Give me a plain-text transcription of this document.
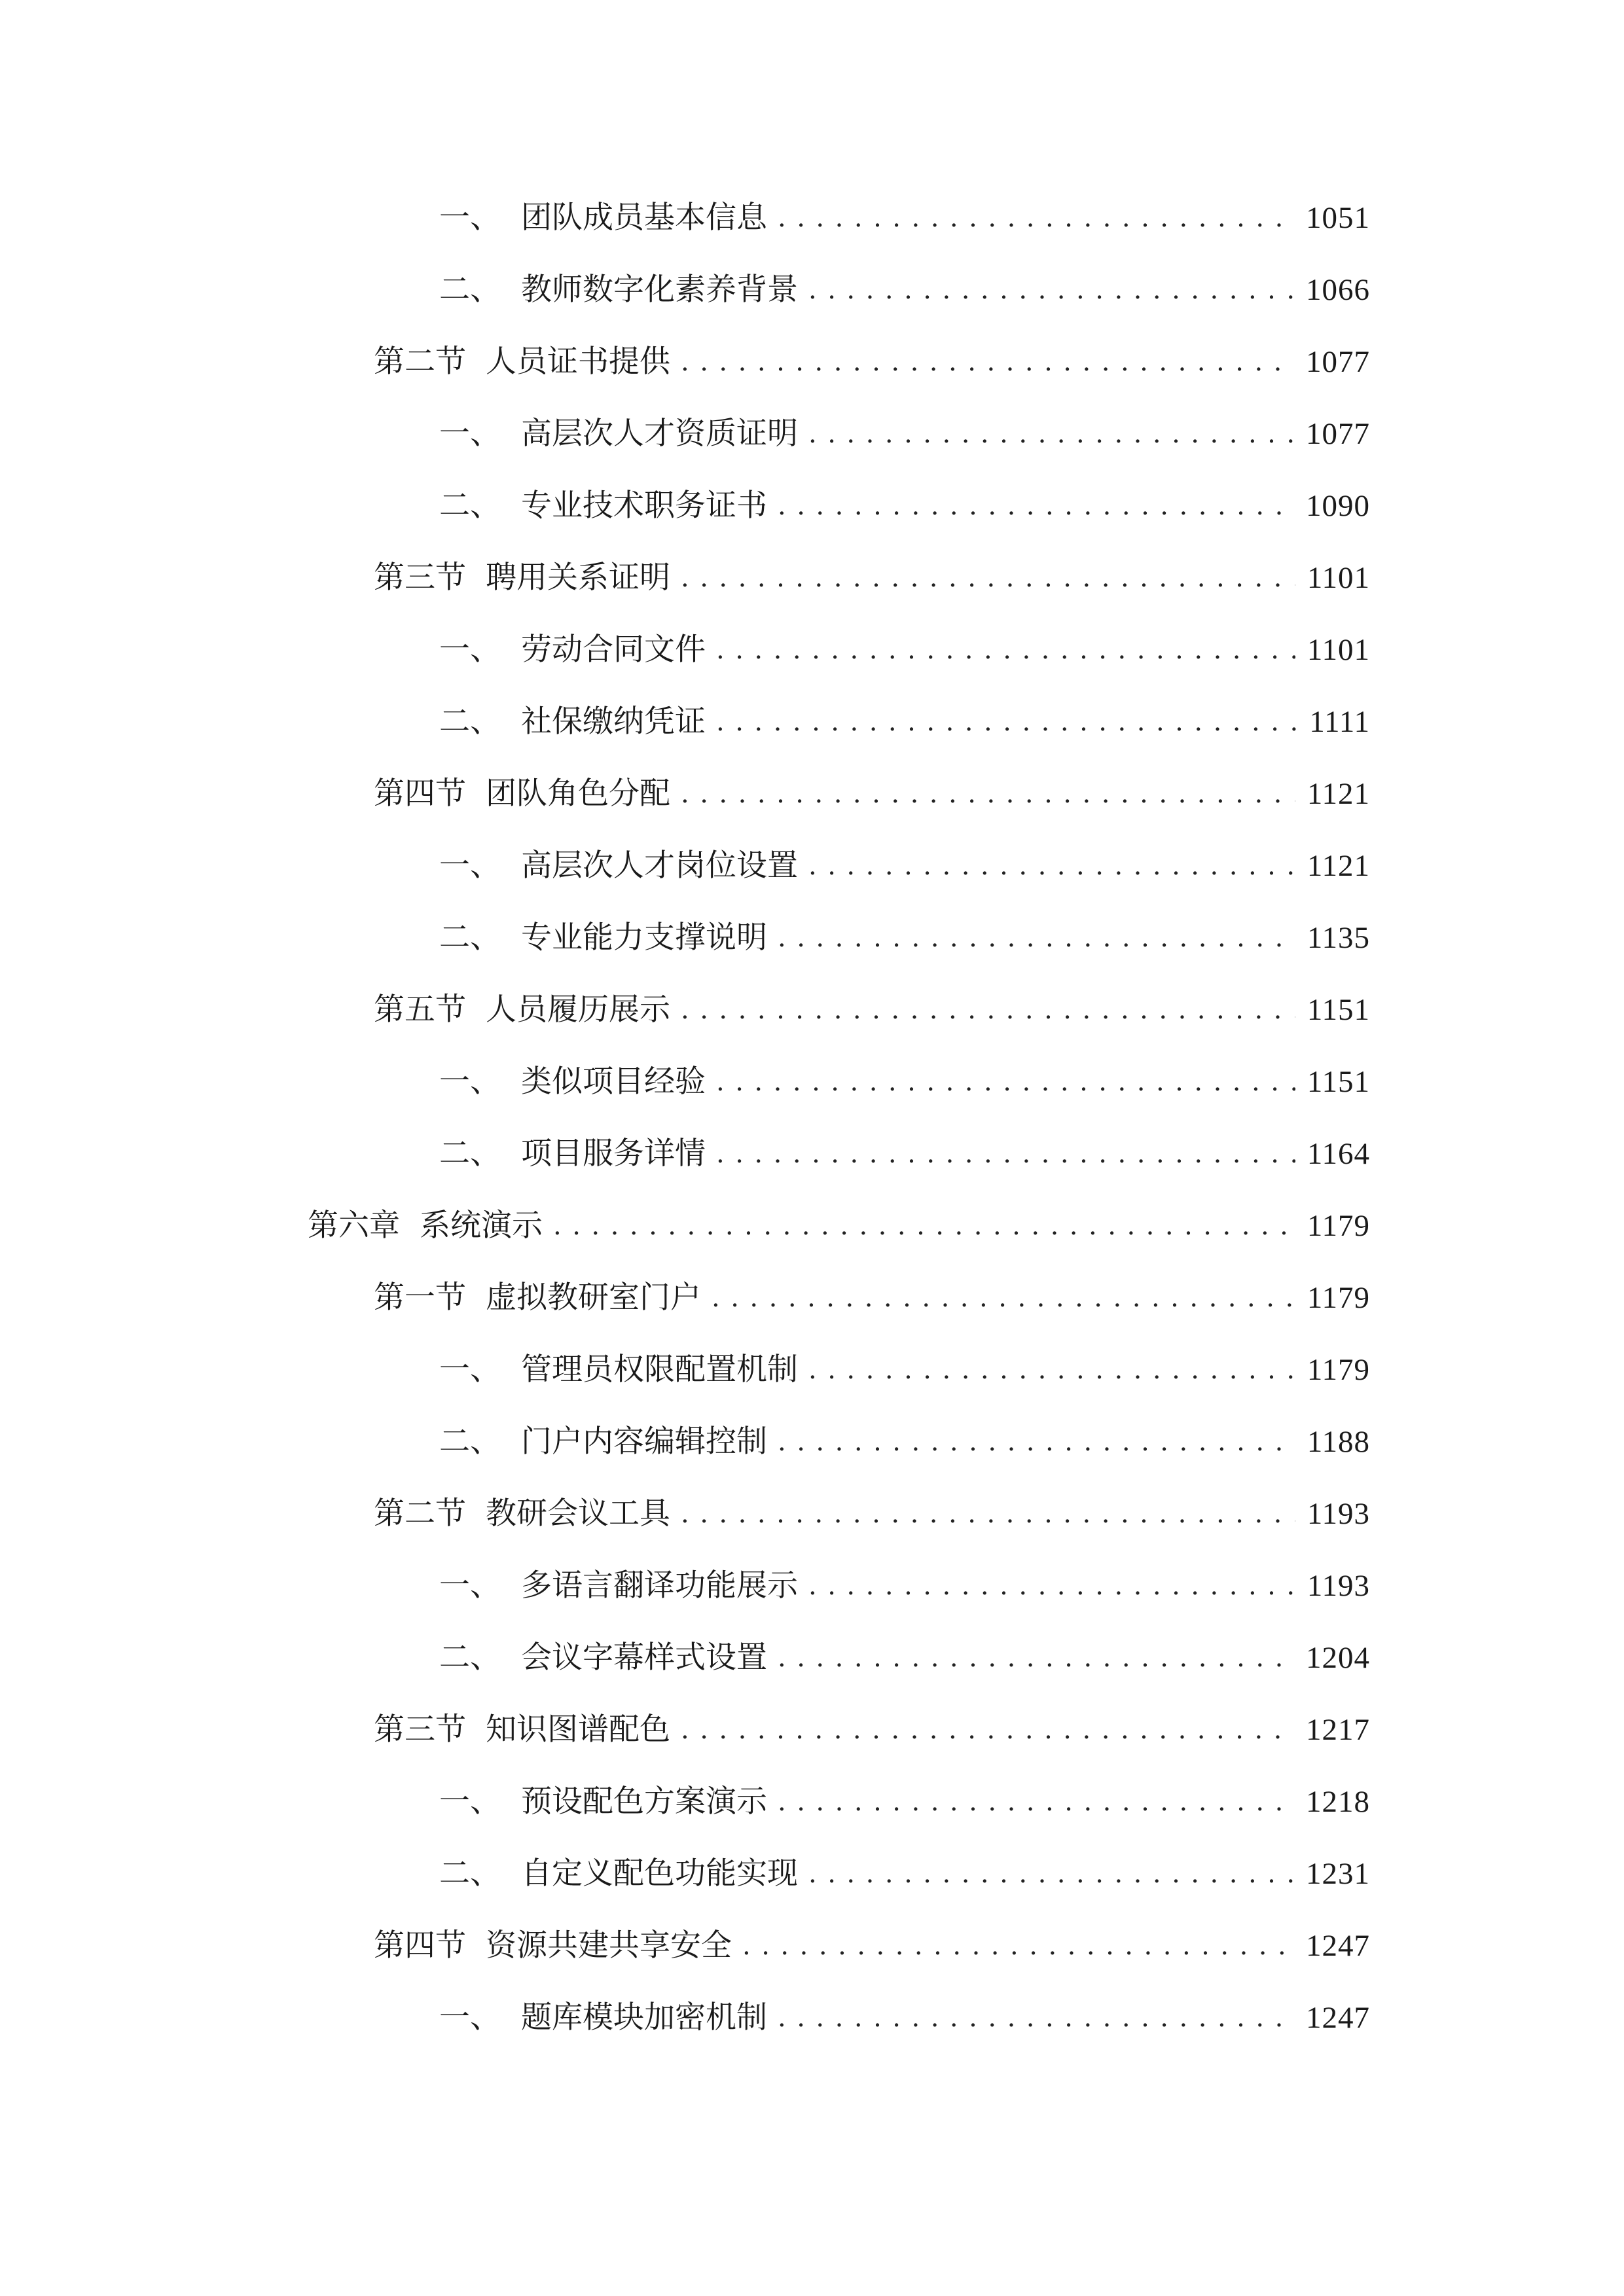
一、 团队成员基本信息 .....	1051
二、 教师数字化素养背景 .....	1066
第二节 人员证书提供 .....	1077
一、 高层次人才资质证明 .....	1077
二、 专业技术职务证书 .....	1090
第三节 聘用关系证明 .....	1101
一、 劳动合同文件 .....	1101
二、 社保缴纳凭证 .....	1111
第四节 团队角色分配 .....	1121
一、 高层次人才岗位设置 .....	1121
二、 专业能力支撑说明 .....	1135
第五节 人员履历展示 .....	1151
一、 类似项目经验 .....	1151
二、 项目服务详情 .....	1164
第六章 系统演示 .....	1179
第一节 虚拟教研室门户 .....	1179
一、 管理员权限配置机制 .....	1179
二、 门户内容编辑控制 .....	1188
第二节 教研会议工具 .....	1193
一、 多语言翻译功能展示 .....	1193
二、 会议字幕样式设置 .....	1204
第三节 知识图谱配色 .....	1217
一、 预设配色方案演示 .....	1218
二、 自定义配色功能实现 .....	1231
第四节 资源共建共享安全 .....	1247
一、 题库模块加密机制 .....	1247
